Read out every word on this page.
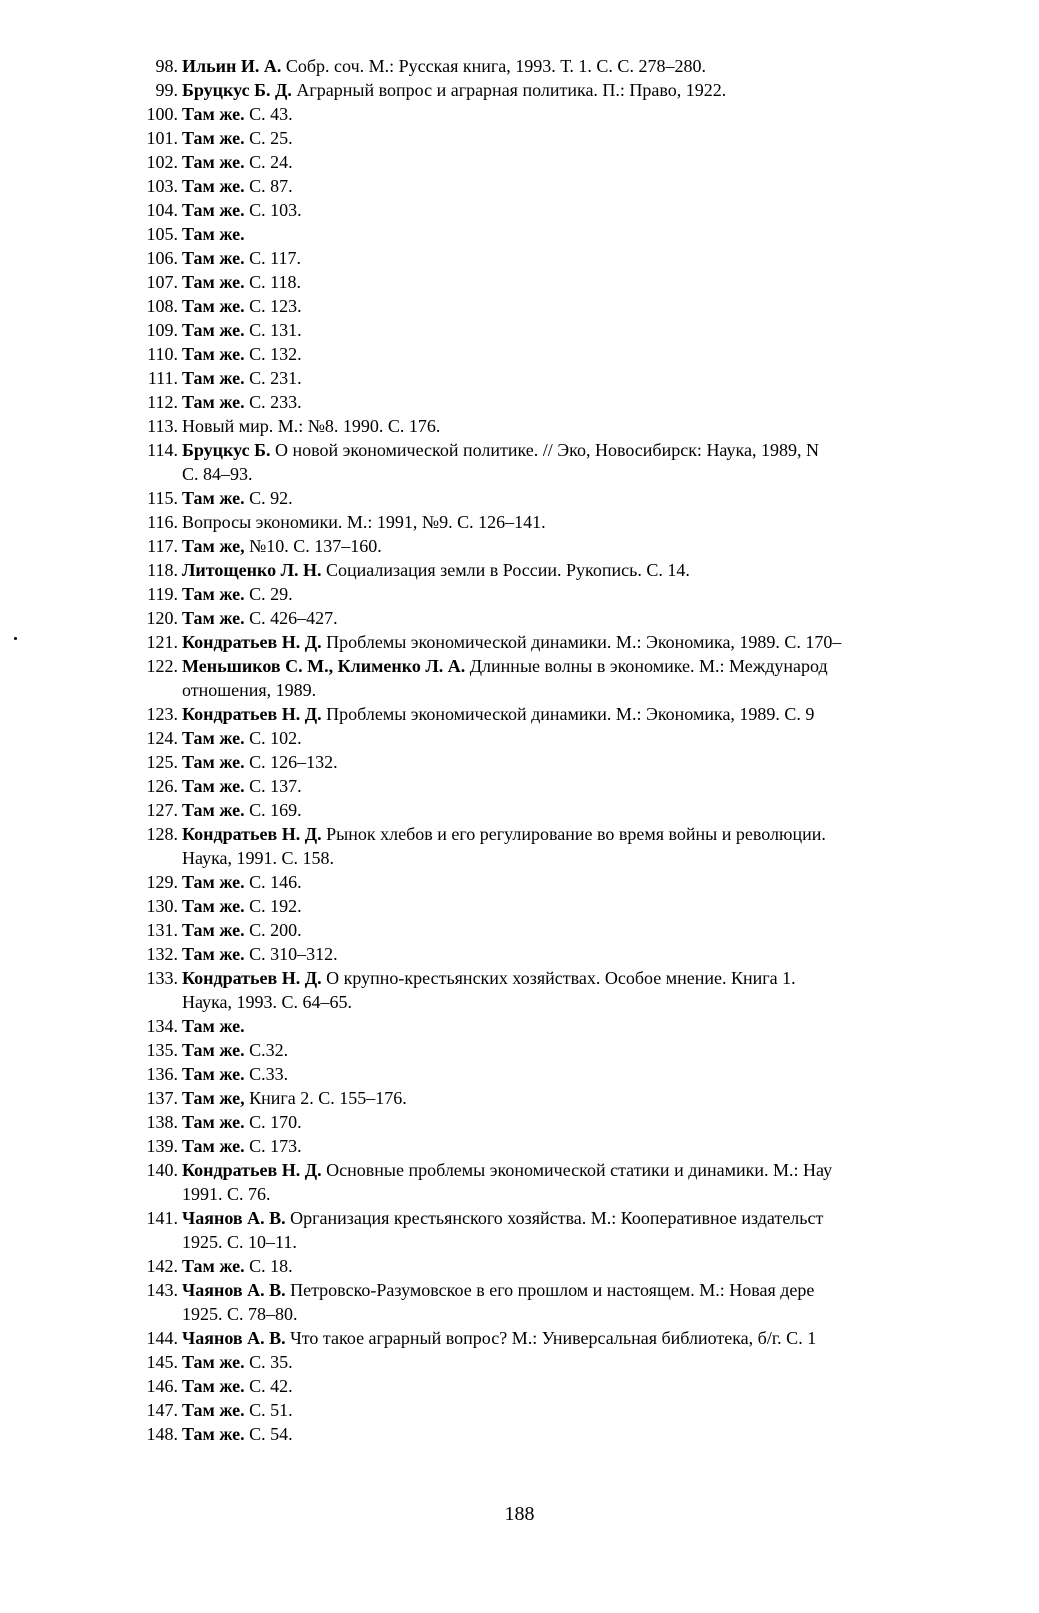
98. Ильин И. А. Собр. соч. М.: Русская книга, 1993. Т. 1. С. С. 278–280.
99. Бруцкус Б. Д. Аграрный вопрос и аграрная политика. П.: Право, 1922.
100. Там же. С. 43.
101. Там же. С. 25.
102. Там же. С. 24.
103. Там же. С. 87.
104. Там же. С. 103.
105. Там же.
106. Там же. С. 117.
107. Там же. С. 118.
108. Там же. С. 123.
109. Там же. С. 131.
110. Там же. С. 132.
111. Там же. С. 231.
112. Там же. С. 233.
113. Новый мир. М.: №8. 1990. С. 176.
114. Бруцкус Б. О новой экономической политике. // Эко, Новосибирск: Наука, 1989, N
С. 84–93.
115. Там же. С. 92.
116. Вопросы экономики. М.: 1991, №9. С. 126–141.
117. Там же, №10. С. 137–160.
118. Литощенко Л. Н. Социализация земли в России. Рукопись. С. 14.
119. Там же. С. 29.
120. Там же. С. 426–427.
121. Кондратьев Н. Д. Проблемы экономической динамики. М.: Экономика, 1989. С. 170–
122. Меньшиков С. М., Клименко Л. А. Длинные волны в экономике. М.: Международ
отношения, 1989.
123. Кондратьев Н. Д. Проблемы экономической динамики. М.: Экономика, 1989. С. 9
124. Там же. С. 102.
125. Там же. С. 126–132.
126. Там же. С. 137.
127. Там же. С. 169.
128. Кондратьев Н. Д. Рынок хлебов и его регулирование во время войны и революции.
Наука, 1991. С. 158.
129. Там же. С. 146.
130. Там же. С. 192.
131. Там же. С. 200.
132. Там же. С. 310–312.
133. Кондратьев Н. Д. О крупно-крестьянских хозяйствах. Особое мнение. Книга 1.
Наука, 1993. С. 64–65.
134. Там же.
135. Там же. С.32.
136. Там же. С.33.
137. Там же, Книга 2. С. 155–176.
138. Там же. С. 170.
139. Там же. С. 173.
140. Кондратьев Н. Д. Основные проблемы экономической статики и динамики. М.: Нау
1991. С. 76.
141. Чаянов А. В. Организация крестьянского хозяйства. М.: Кооперативное издательст
1925. С. 10–11.
142. Там же. С. 18.
143. Чаянов А. В. Петровско-Разумовское в его прошлом и настоящем. М.: Новая дере
1925. С. 78–80.
144. Чаянов А. В. Что такое аграрный вопрос? М.: Универсальная библиотека, б/г. С. 1
145. Там же. С. 35.
146. Там же. С. 42.
147. Там же. С. 51.
148. Там же. С. 54.
188
